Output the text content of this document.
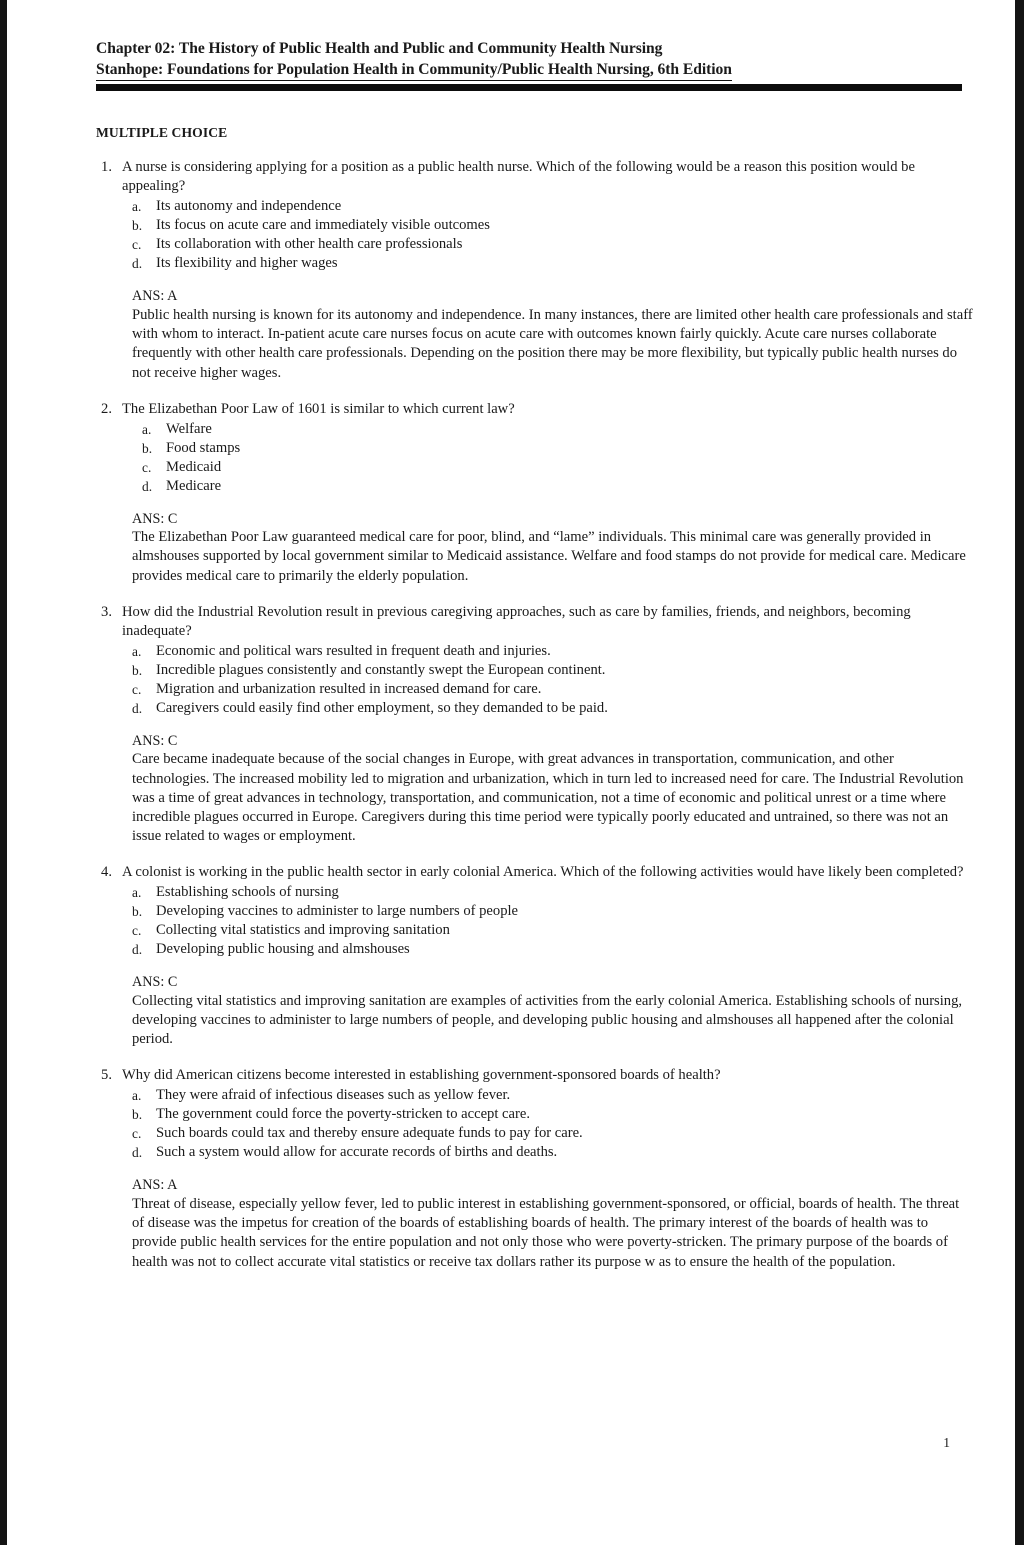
Chapter 02: The History of Public Health and Public and Community Health Nursing
Stanhope: Foundations for Population Health in Community/Public Health Nursing, 6th Edition
MULTIPLE CHOICE
1. A nurse is considering applying for a position as a public health nurse. Which of the following would be a reason this position would be appealing?
a.	Its autonomy and independence
b. Its focus on acute care and immediately visible outcomes
c.	Its collaboration with other health care professionals
d. Its flexibility and higher wages
ANS: A
Public health nursing is known for its autonomy and independence. In many instances, there are limited other health care professionals and staff with whom to interact. In-patient acute care nurses focus on acute care with outcomes known fairly quickly. Acute care nurses collaborate frequently with other health care professionals. Depending on the position there may be more flexibility, but typically public health nurses do not receive higher wages.
2. The Elizabethan Poor Law of 1601 is similar to which current law?
a.	Welfare
b. Food stamps
c.	Medicaid
d. Medicare
ANS: C
The Elizabethan Poor Law guaranteed medical care for poor, blind, and “lame” individuals. This minimal care was generally provided in almshouses supported by local government similar to Medicaid assistance. Welfare and food stamps do not provide for medical care. Medicare provides medical care to primarily the elderly population.
3. How did the Industrial Revolution result in previous caregiving approaches, such as care by families, friends, and neighbors, becoming inadequate?
a.	Economic and political wars resulted in frequent death and injuries.
b. Incredible plagues consistently and constantly swept the European continent.
c.	Migration and urbanization resulted in increased demand for care.
d. Caregivers could easily find other employment, so they demanded to be paid.
ANS: C
Care became inadequate because of the social changes in Europe, with great advances in transportation, communication, and other technologies. The increased mobility led to migration and urbanization, which in turn led to increased need for care. The Industrial Revolution was a time of great advances in technology, transportation, and communication, not a time of economic and political unrest or a time where incredible plagues occurred in Europe. Caregivers during this time period were typically poorly educated and untrained, so there was not an issue related to wages or employment.
4. A colonist is working in the public health sector in early colonial America. Which of the following activities would have likely been completed?
a.	Establishing schools of nursing
b. Developing vaccines to administer to large numbers of people
c.	Collecting vital statistics and improving sanitation
d. Developing public housing and almshouses
ANS: C
Collecting vital statistics and improving sanitation are examples of activities from the early colonial America. Establishing schools of nursing, developing vaccines to administer to large numbers of people, and developing public housing and almshouses all happened after the colonial period.
5. Why did American citizens become interested in establishing government-sponsored boards of health?
a.	They were afraid of infectious diseases such as yellow fever.
b. The government could force the poverty-stricken to accept care.
c.	Such boards could tax and thereby ensure adequate funds to pay for care.
d. Such a system would allow for accurate records of births and deaths.
ANS: A
Threat of disease, especially yellow fever, led to public interest in establishing government-sponsored, or official, boards of health. The threat of disease was the impetus for creation of the boards of establishing boards of health. The primary interest of the boards of health was to provide public health services for the entire population and not only those who were poverty-stricken. The primary purpose of the boards of health was not to collect accurate vital statistics or receive tax dollars rather its purpose w as to ensure the health of the population.
1
